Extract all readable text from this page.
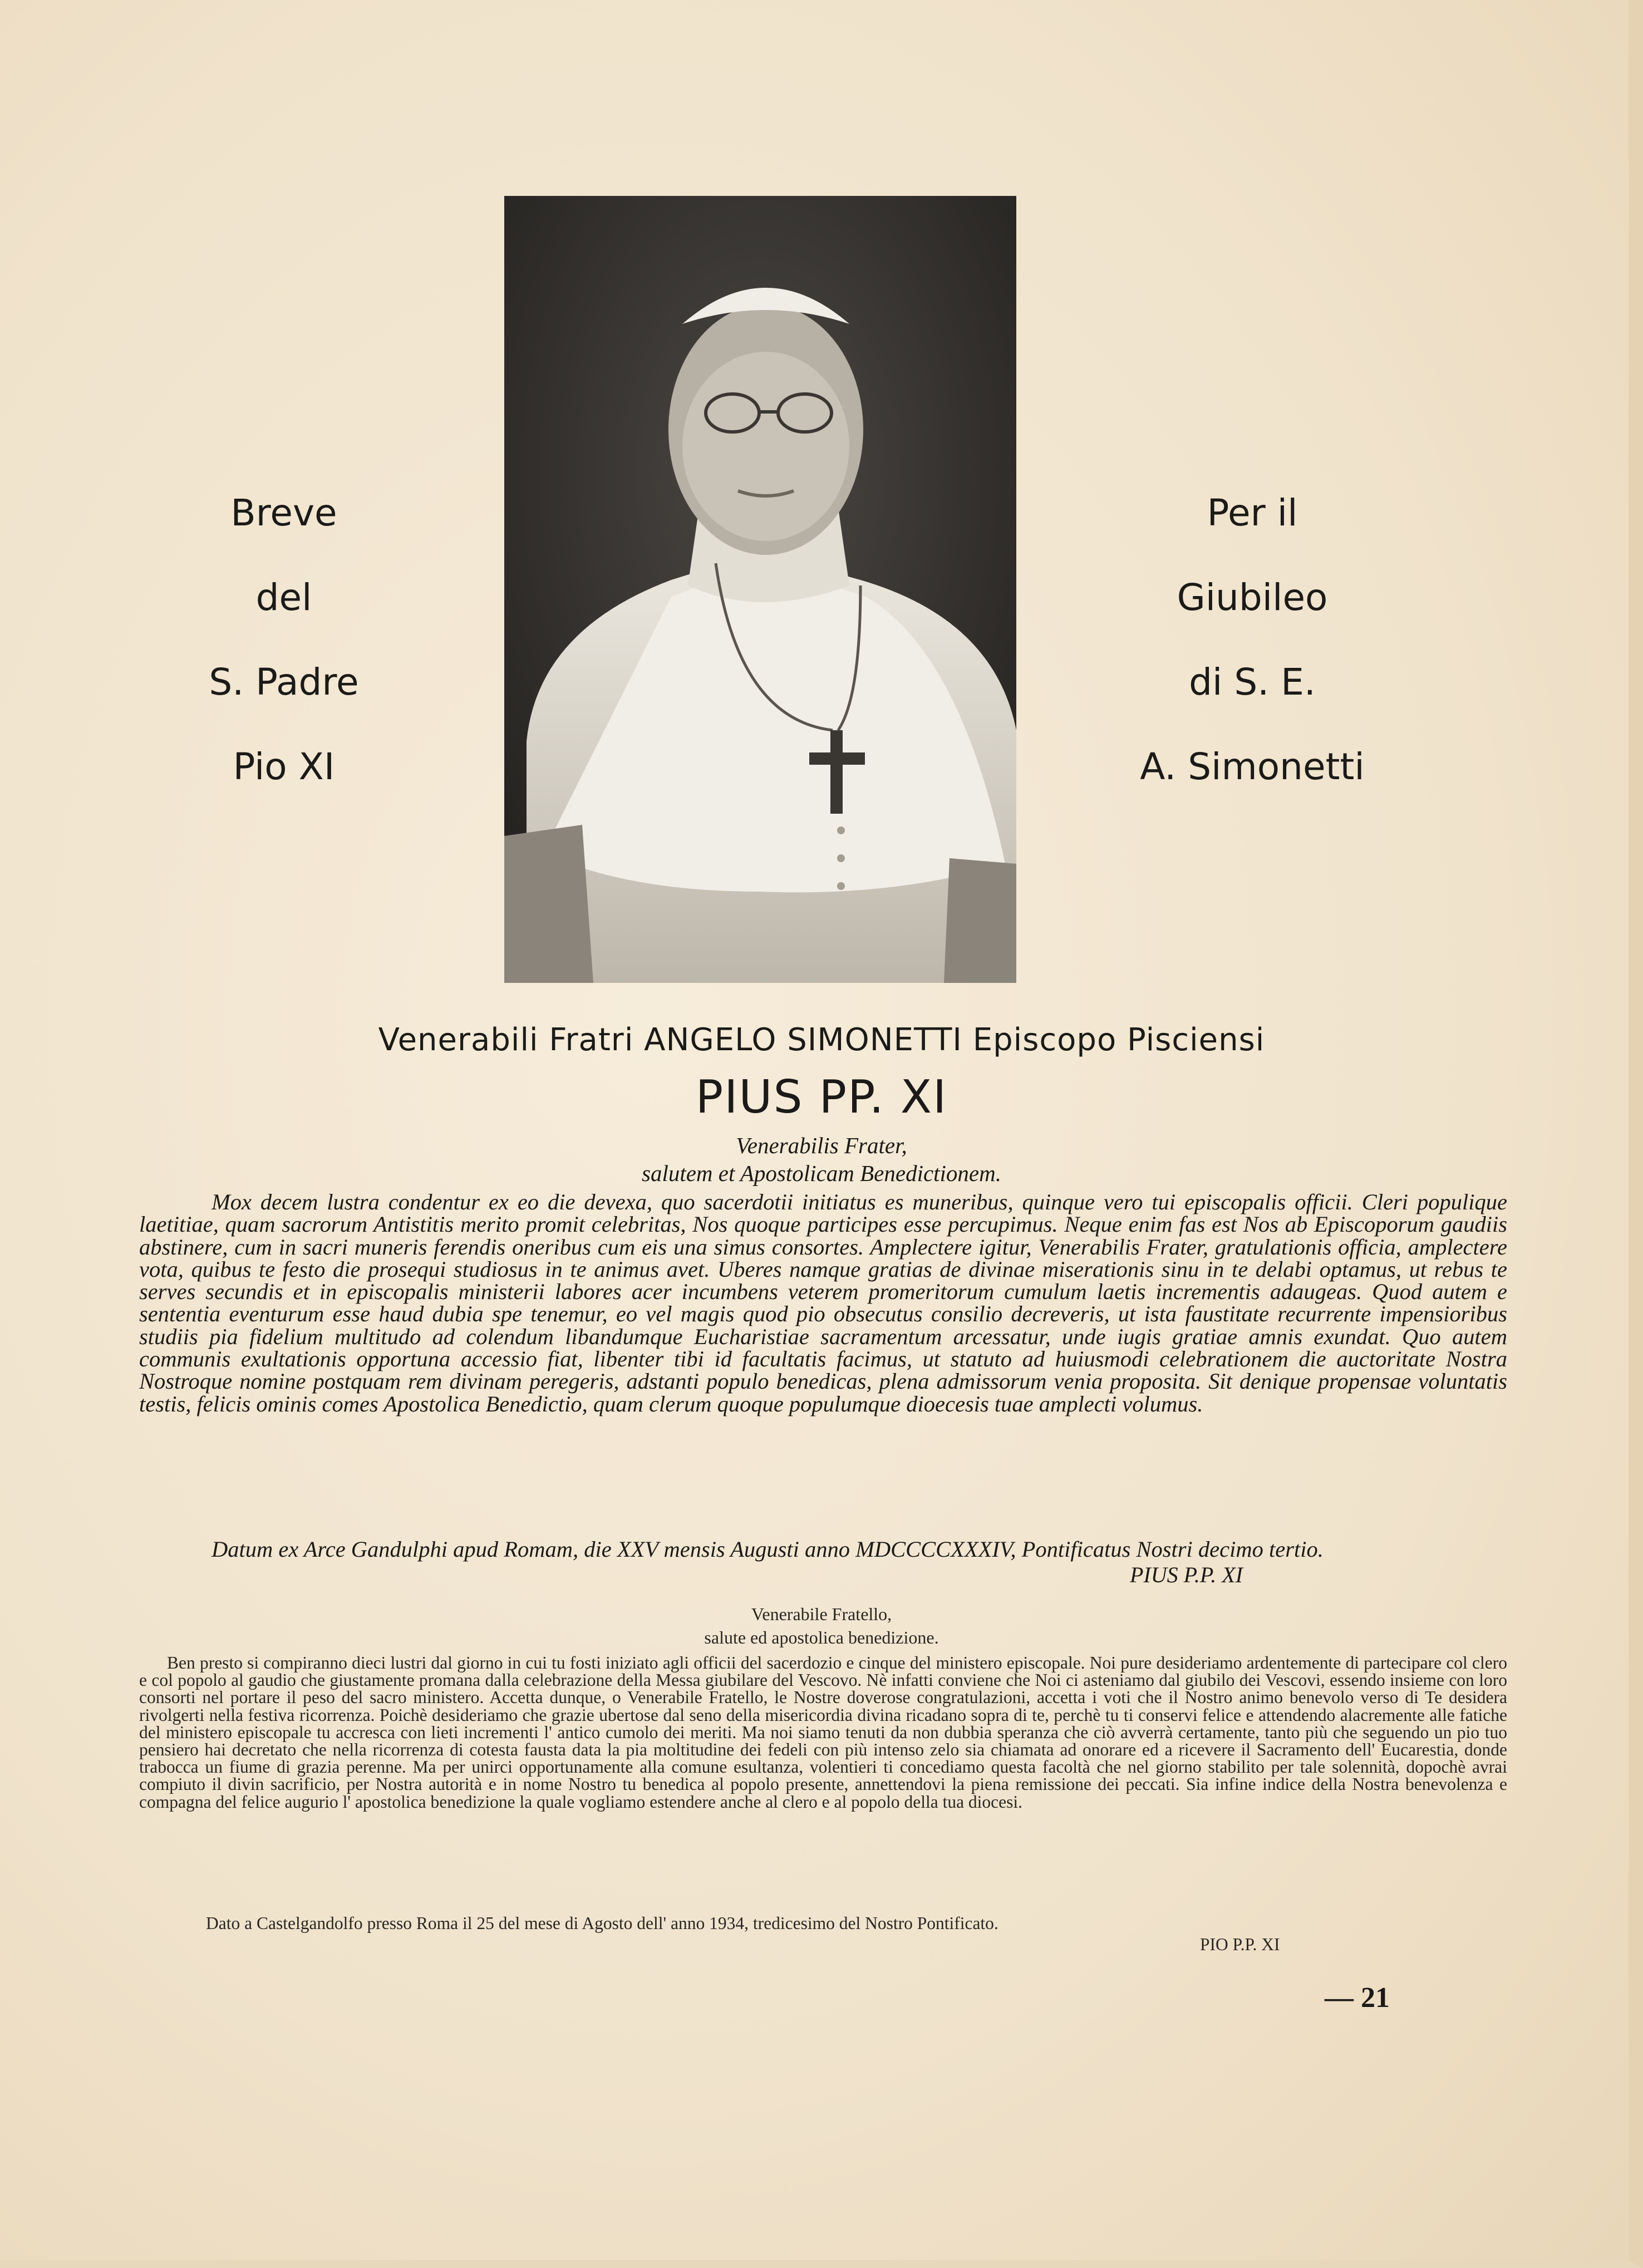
Breve
del
S. Padre
Pio XI
Per il
Giubileo
di S. E.
A. Simonetti
Venerabili Fratri ANGELO SIMONETTI Episcopo Pisciensi
PIUS PP. XI
Venerabilis Frater,
salutem et Apostolicam Benedictionem.
Mox decem lustra condentur ex eo die devexa, quo sacerdotii initiatus es muneribus, quinque vero tui episcopalis officii. Cleri populique laetitiae, quam sacrorum Antistitis merito promit celebritas, Nos quoque participes esse percupimus. Neque enim fas est Nos ab Episcoporum gaudiis abstinere, cum in sacri muneris ferendis oneribus cum eis una simus consortes. Amplectere igitur, Venerabilis Frater, gratulationis officia, amplectere vota, quibus te festo die prosequi studiosus in te animus avet. Uberes namque gratias de divinae miserationis sinu in te delabi optamus, ut rebus te serves secundis et in episcopalis ministerii labores acer incumbens veterem promeritorum cumulum laetis incrementis adaugeas. Quod autem e sententia eventurum esse haud dubia spe tenemur, eo vel magis quod pio obsecutus consilio decreveris, ut ista faustitate recurrente impensioribus studiis pia fidelium multitudo ad colendum libandumque Eucharistiae sacramentum arcessatur, unde iugis gratiae amnis exundat. Quo autem communis exultationis opportuna accessio fiat, libenter tibi id facultatis facimus, ut statuto ad huiusmodi celebrationem die auctoritate Nostra Nostroque nomine postquam rem divinam peregeris, adstanti populo benedicas, plena admissorum venia proposita. Sit denique propensae voluntatis testis, felicis ominis comes Apostolica Benedictio, quam clerum quoque populumque dioecesis tuae amplecti volumus.
Datum ex Arce Gandulphi apud Romam, die XXV mensis Augusti anno MDCCCCXXXIV, Pontificatus Nostri decimo tertio.
PIUS P.P. XI
Venerabile Fratello,
salute ed apostolica benedizione.
Ben presto si compiranno dieci lustri dal giorno in cui tu fosti iniziato agli officii del sacerdozio e cinque del ministero episcopale. Noi pure desideriamo ardentemente di partecipare col clero e col popolo al gaudio che giustamente promana dalla celebrazione della Messa giubilare del Vescovo. Nè infatti conviene che Noi ci asteniamo dal giubilo dei Vescovi, essendo insieme con loro consorti nel portare il peso del sacro ministero. Accetta dunque, o Venerabile Fratello, le Nostre doverose congratulazioni, accetta i voti che il Nostro animo benevolo verso di Te desidera rivolgerti nella festiva ricorrenza. Poichè desideriamo che grazie ubertose dal seno della misericordia divina ricadano sopra di te, perchè tu ti conservi felice e attendendo alacremente alle fatiche del ministero episcopale tu accresca con lieti incrementi l' antico cumolo dei meriti. Ma noi siamo tenuti da non dubbia speranza che ciò avverrà certamente, tanto più che seguendo un pio tuo pensiero hai decretato che nella ricorrenza di cotesta fausta data la pia moltitudine dei fedeli con più intenso zelo sia chiamata ad onorare ed a ricevere il Sacramento dell' Eucarestia, donde trabocca un fiume di grazia perenne. Ma per unirci opportunamente alla comune esultanza, volentieri ti concediamo questa facoltà che nel giorno stabilito per tale solennità, dopochè avrai compiuto il divin sacrificio, per Nostra autorità e in nome Nostro tu benedica al popolo presente, annettendovi la piena remissione dei peccati. Sia infine indice della Nostra benevolenza e compagna del felice augurio l' apostolica benedizione la quale vogliamo estendere anche al clero e al popolo della tua diocesi.
Dato a Castelgandolfo presso Roma il 25 del mese di Agosto dell' anno 1934, tredicesimo del Nostro Pontificato.
PIO P.P. XI
— 21
